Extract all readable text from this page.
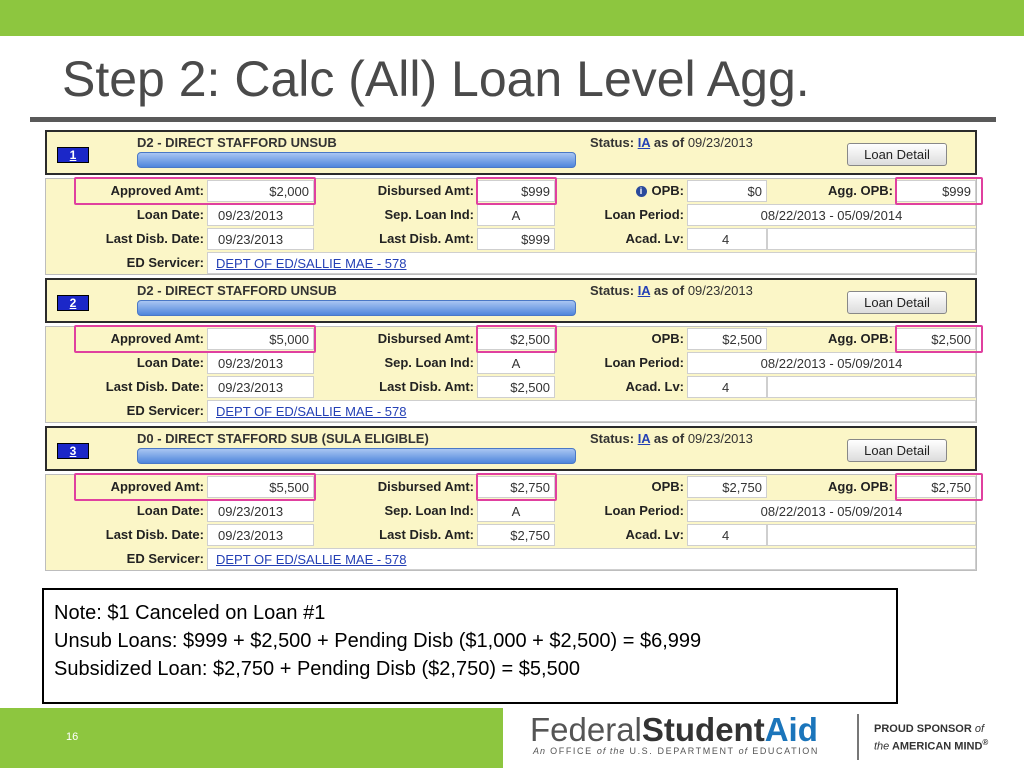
Step 2: Calc (All) Loan Level Agg.
1
D2 - DIRECT STAFFORD UNSUB	Status: IA as of 09/23/2013
Loan Detail
Approved Amt:	$2,000	Disbursed Amt:	$999	i OPB:	$0	Agg. OPB:	$999
Loan Date:	09/23/2013	Sep. Loan Ind:	A	Loan Period:	08/22/2013 - 05/09/2014
Last Disb. Date:	09/23/2013	Last Disb. Amt:	$999	Acad. Lv:	4
ED Servicer: DEPT OF ED/SALLIE MAE - 578
2
D2 - DIRECT STAFFORD UNSUB	Status: IA as of 09/23/2013
Loan Detail
Approved Amt:	$5,000	Disbursed Amt:	$2,500	OPB:	$2,500	Agg. OPB:	$2,500
Loan Date:	09/23/2013	Sep. Loan Ind:	A	Loan Period:	08/22/2013 - 05/09/2014
Last Disb. Date:	09/23/2013	Last Disb. Amt:	$2,500	Acad. Lv:	4
ED Servicer: DEPT OF ED/SALLIE MAE - 578
3
D0 - DIRECT STAFFORD SUB (SULA ELIGIBLE)	Status: IA as of 09/23/2013
Loan Detail
Approved Amt:	$5,500	Disbursed Amt:	$2,750	OPB:	$2,750	Agg. OPB:	$2,750
Loan Date:	09/23/2013	Sep. Loan Ind:	A	Loan Period:	08/22/2013 - 05/09/2014
Last Disb. Date:	09/23/2013	Last Disb. Amt:	$2,750	Acad. Lv:	4
ED Servicer: DEPT OF ED/SALLIE MAE - 578
Note: $1 Canceled on Loan #1
Unsub Loans: $999 + $2,500 + Pending Disb ($1,000 + $2,500) = $6,999
Subsidized Loan: $2,750 + Pending Disb ($2,750) = $5,500
16	FederalStudentAid
An OFFICE of the U.S. DEPARTMENT of EDUCATION
PROUD SPONSOR of
the AMERICAN MIND®
